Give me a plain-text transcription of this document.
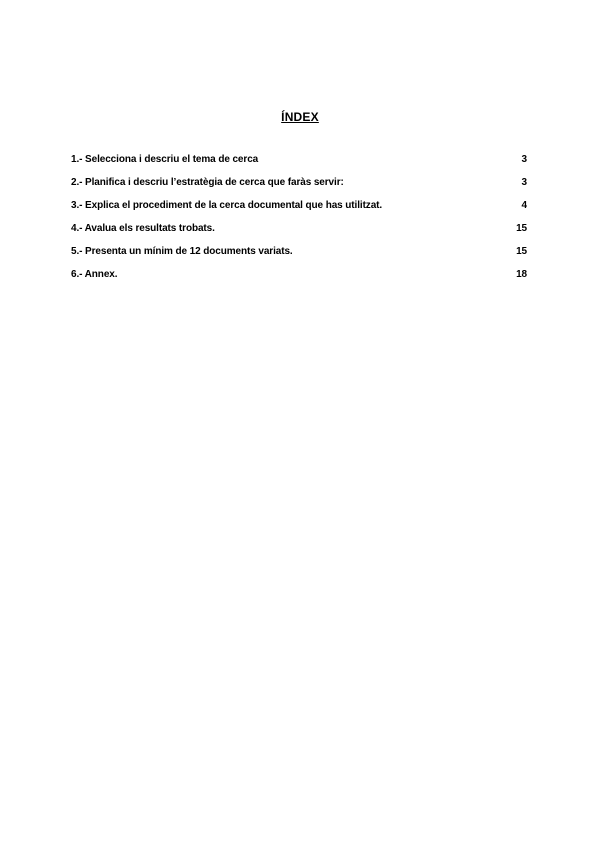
ÍNDEX
1.- Selecciona i descriu el tema de cerca	3
2.- Planifica i descriu l’estratègia de cerca que faràs servir:	3
3.- Explica el procediment de la cerca documental que has utilitzat.	4
4.- Avalua els resultats trobats.	15
5.- Presenta un mínim de 12 documents variats.	15
6.- Annex.	18
